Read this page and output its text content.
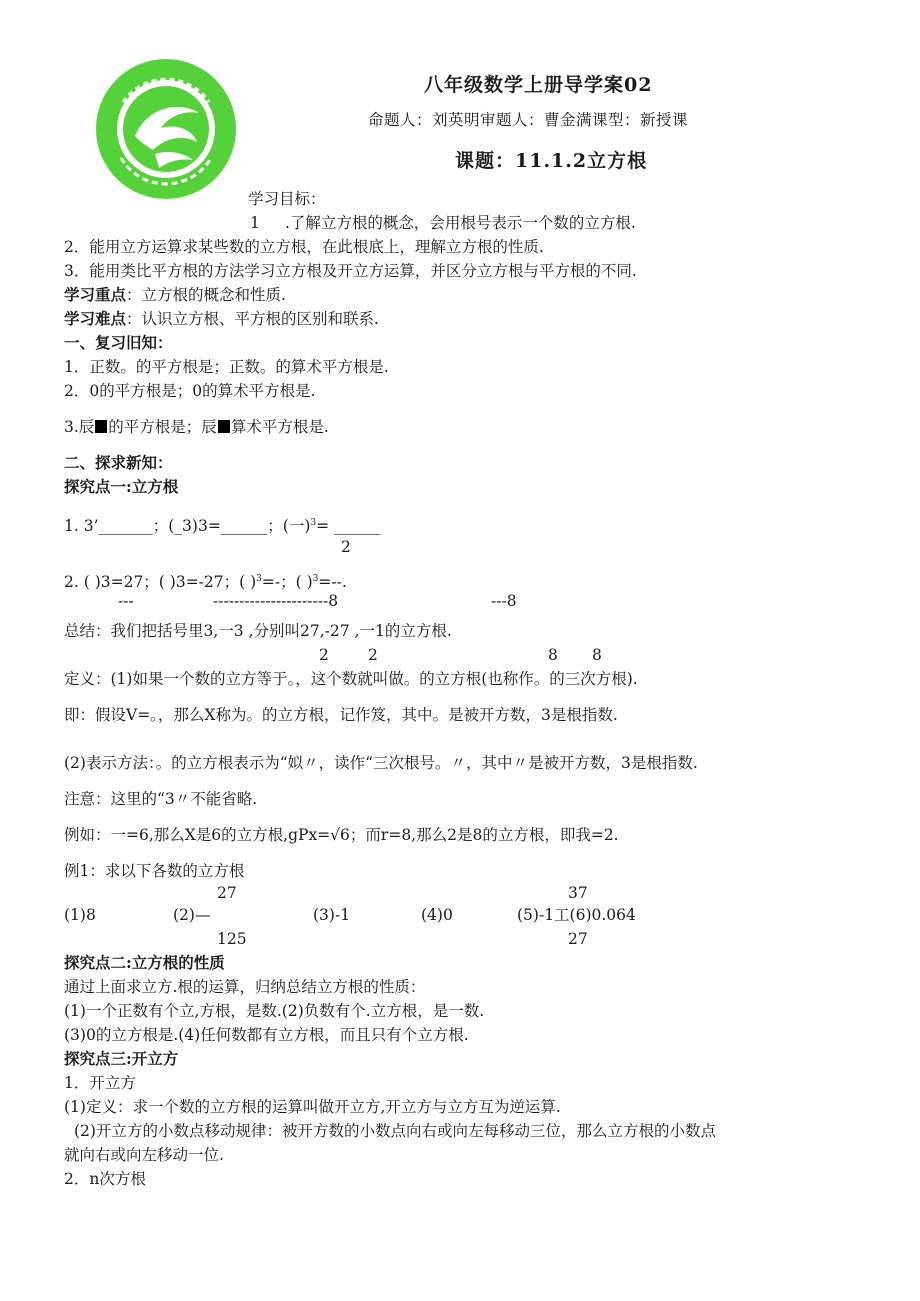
八年级数学上册导学案02
命题人：刘英明审题人：曹金满课型：新授课
课题：11.1.2立方根
学习目标：
1 .了解立方根的概念，会用根号表示一个数的立方根.
2．能用立方运算求某些数的立方根，在此根底上，理解立方根的性质.
3．能用类比平方根的方法学习立方根及开立方运算，并区分立方根与平方根的不同.
学习重点：立方根的概念和性质.
学习难点：认识立方根、平方根的区别和联系.
一、复习旧知：
1．正数。的平方根是；正数。的算术平方根是.
2．0的平方根是；0的算术平方根是.
3.辰 的平方根是；辰 算术平方根是.
二、探求新知：
探究点一:立方根
1. 3’_______；(_3)3=______；(一)$^3$= ______
2
2. ( )3=27；( )3=-27；( )$^3$=-；( )$^3$=--.
---	----------------------8	---8
总结：我们把括号里3,一3 ,分别叫27,-27 ,一1的立方根.
2	2	8 8
定义：(1)如果一个数的立方等于。，这个数就叫做。的立方根(也称作。的三次方根).
即：假设V=。，那么X称为。的立方根，记作笈，其中。是被开方数，3是根指数.
(2)表示方法：。的立方根表示为“姒〃，读作“三次根号。〃，其中〃是被开方数，3是根指数.
注意：这里的“3〃不能省略.
例如：一=6,那么X是6的立方根,gPx=√6；而r=8,那么2是8的立方根，即我=2.
例1：求以下各数的立方根
27	37
(1)8	(2)—	(3)-1	(4)0	(5)-1工(6)0.064
125	27
探究点二:立方根的性质
通过上面求立方.根的运算，归纳总结立方根的性质：
(1)一个正数有个立,方根，是数.(2)负数有个.立方根，是一数.
(3)0的立方根是.(4)任何数都有立方根，而且只有个立方根.
探究点三:开立方
1．开立方
(1)定义：求一个数的立方根的运算叫做开立方,开立方与立方互为逆运算.
(2)开立方的小数点移动规律：被开方数的小数点向右或向左每移动三位，那么立方根的小数点
就向右或向左移动一位.
2．n次方根
